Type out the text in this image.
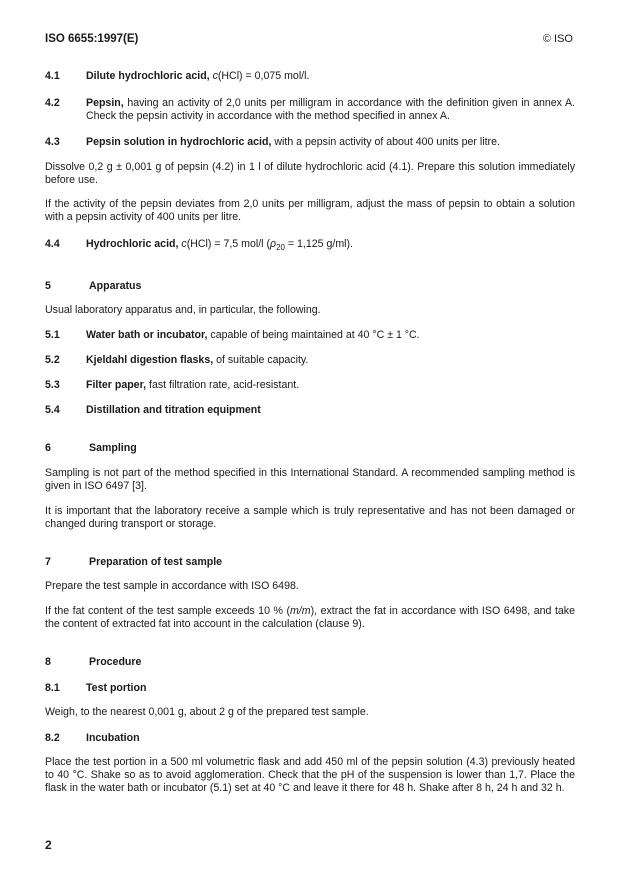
ISO 6655:1997(E)	© ISO
4.1	Dilute hydrochloric acid, c(HCl) = 0,075 mol/l.
4.2	Pepsin, having an activity of 2,0 units per milligram in accordance with the definition given in annex A. Check the pepsin activity in accordance with the method specified in annex A.
4.3	Pepsin solution in hydrochloric acid, with a pepsin activity of about 400 units per litre.
Dissolve 0,2 g ± 0,001 g of pepsin (4.2) in 1 l of dilute hydrochloric acid (4.1). Prepare this solution immediately before use.
If the activity of the pepsin deviates from 2,0 units per milligram, adjust the mass of pepsin to obtain a solution with a pepsin activity of 400 units per litre.
4.4	Hydrochloric acid, c(HCl) = 7,5 mol/l ($\rho_{20} = 1,125$ g/ml).
5	Apparatus
Usual laboratory apparatus and, in particular, the following.
5.1	Water bath or incubator, capable of being maintained at 40 °C ± 1 °C.
5.2	Kjeldahl digestion flasks, of suitable capacity.
5.3	Filter paper, fast filtration rate, acid-resistant.
5.4	Distillation and titration equipment
6	Sampling
Sampling is not part of the method specified in this International Standard. A recommended sampling method is given in ISO 6497 [3].
It is important that the laboratory receive a sample which is truly representative and has not been damaged or changed during transport or storage.
7	Preparation of test sample
Prepare the test sample in accordance with ISO 6498.
If the fat content of the test sample exceeds 10 % (m/m), extract the fat in accordance with ISO 6498, and take the content of extracted fat into account in the calculation (clause 9).
8	Procedure
8.1	Test portion
Weigh, to the nearest 0,001 g, about 2 g of the prepared test sample.
8.2	Incubation
Place the test portion in a 500 ml volumetric flask and add 450 ml of the pepsin solution (4.3) previously heated to 40 °C. Shake so as to avoid agglomeration. Check that the pH of the suspension is lower than 1,7. Place the flask in the water bath or incubator (5.1) set at 40 °C and leave it there for 48 h. Shake after 8 h, 24 h and 32 h.
2
